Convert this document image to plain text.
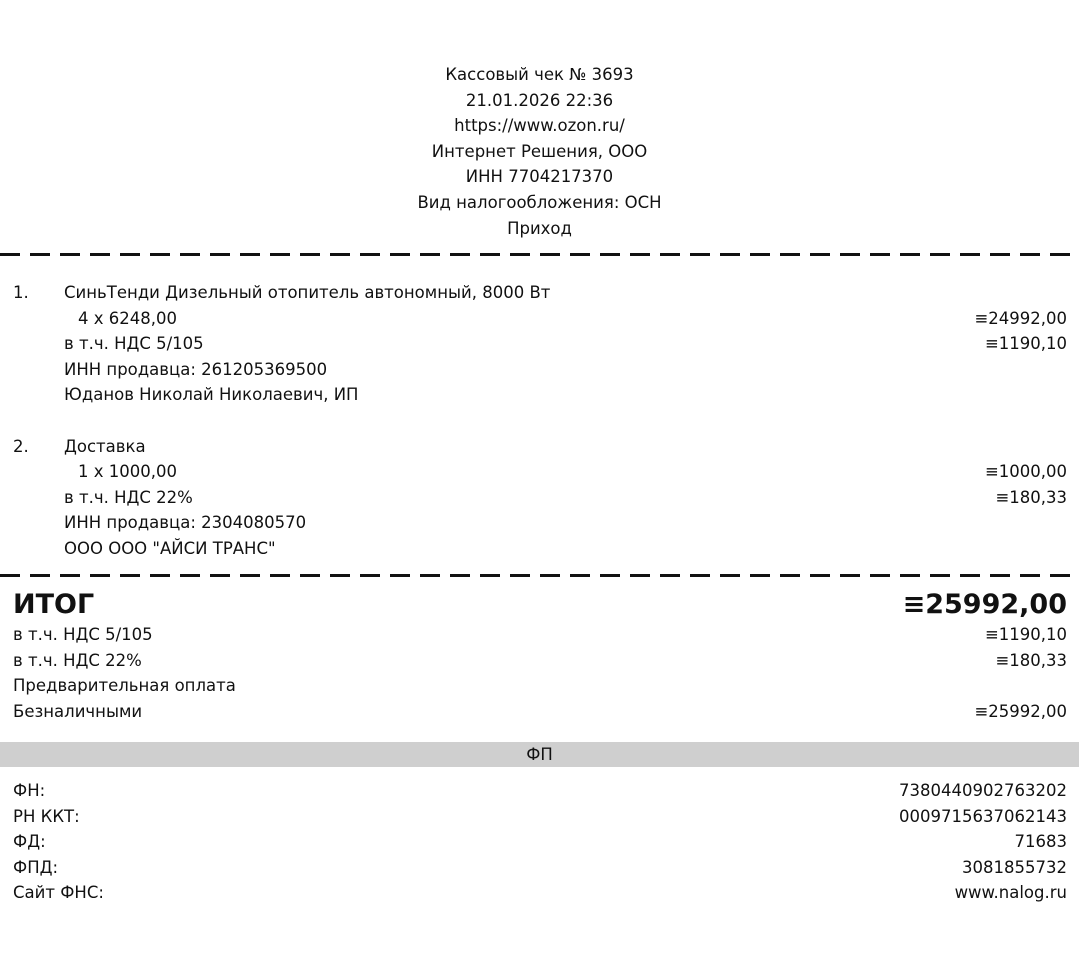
Кассовый чек № 3693
21.01.2026 22:36
https://www.ozon.ru/
Интернет Решения, ООО
ИНН 7704217370
Вид налогообложения: ОСН
Приход
1. СиньТенди Дизельный отопитель автономный, 8000 Вт
4 x 6248,00	≡24992,00
в т.ч. НДС 5/105	≡1190,10
ИНН продавца: 261205369500
Юданов Николай Николаевич, ИП
2. Доставка
1 x 1000,00	≡1000,00
в т.ч. НДС 22%	≡180,33
ИНН продавца: 2304080570
ООО ООО "АЙСИ ТРАНС"
ИТОГ	≡25992,00
в т.ч. НДС 5/105	≡1190,10
в т.ч. НДС 22%	≡180,33
Предварительная оплата
Безналичными	≡25992,00
ФП
ФН:	7380440902763202
РН ККТ:	0009715637062143
ФД:	71683
ФПД:	3081855732
Сайт ФНС:	www.nalog.ru
